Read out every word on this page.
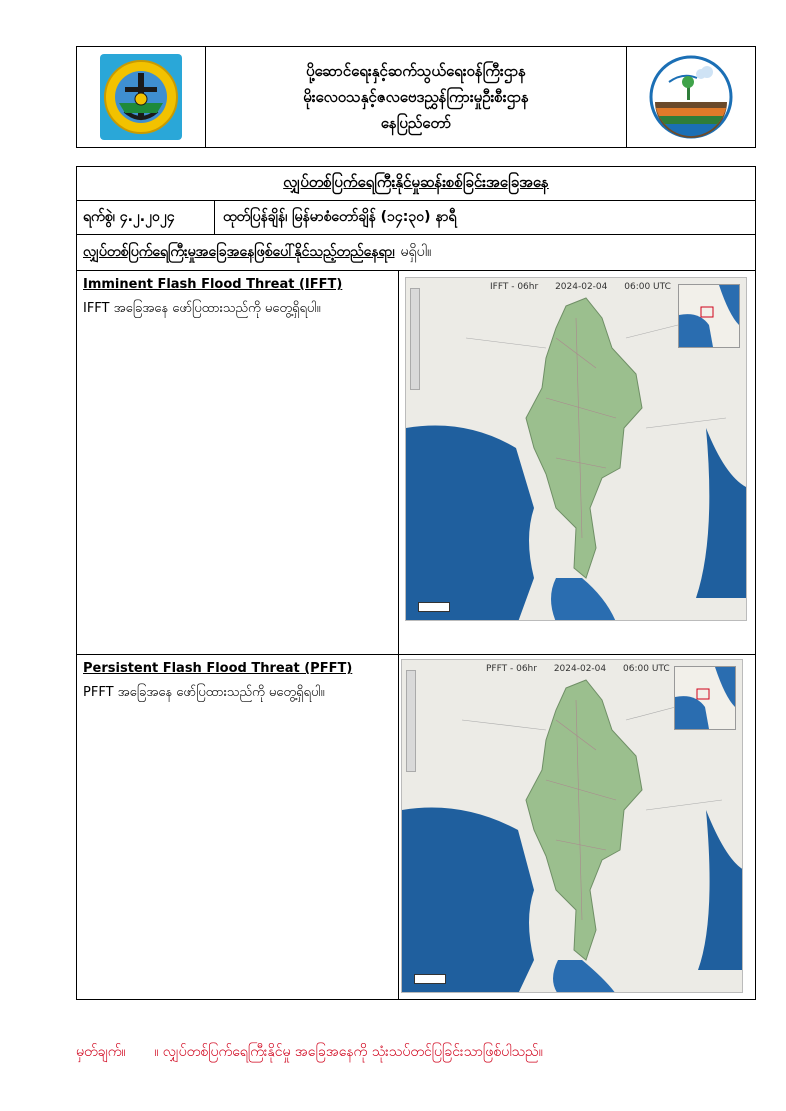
ပို့ဆောင်ရေးနှင့်ဆက်သွယ်ရေးဝန်ကြီးဌာန
မိုးလေဝသနှင့်ဇလဗေဒညွှန်ကြားမှုဦးစီးဌာန
နေပြည်တော်
လျှပ်တစ်ပြက်ရေကြီးနိုင်မှုဆန်းစစ်ခြင်းအခြေအနေ
ရက်စွဲ၊ ၄.၂.၂၀၂၄	ထုတ်ပြန်ချိန်၊ မြန်မာစံတော်ချိန် (၁၄:၃၀) နာရီ
လျှပ်တစ်ပြက်ရေကြီးမှုအခြေအနေဖြစ်ပေါ်နိုင်သည့်တည်နေရာ၊ မရှိပါ။
Imminent Flash Flood Threat (IFFT)
IFFT အခြေအနေ ဖော်ပြထားသည်ကို မတွေ့ရှိရပါ။
IFFT - 06hr 2024-02-04 06:00 UTC
Persistent Flash Flood Threat (PFFT)
PFFT အခြေအနေ ဖော်ပြထားသည်ကို မတွေ့ရှိရပါ။
PFFT - 06hr 2024-02-04 06:00 UTC
မှတ်ချက်။ ။ လျှပ်တစ်ပြက်ရေကြီးနိုင်မှု အခြေအနေကို သုံးသပ်တင်ပြခြင်းသာဖြစ်ပါသည်။
